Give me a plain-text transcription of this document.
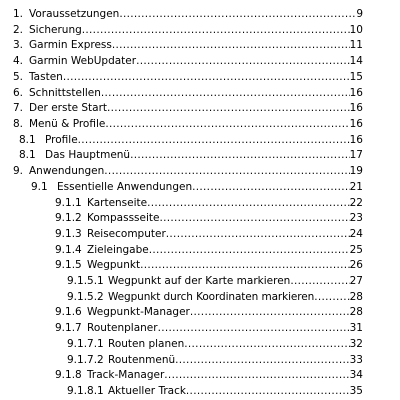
1. Voraussetzungen .....	9
2. Sicherung .....	10
3. Garmin Express .....	11
4. Garmin WebUpdater .....	14
5. Tasten .....	15
6. Schnittstellen .....	16
7. Der erste Start .....	16
8. Menü & Profile .....	16
8.1 Profile .....	16
8.1 Das Hauptmenü .....	17
9. Anwendungen .....	19
9.1 Essentielle Anwendungen .....	21
9.1.1 Kartenseite .....	22
9.1.2 Kompassseite .....	23
9.1.3 Reisecomputer .....	24
9.1.4 Zieleingabe .....	25
9.1.5 Wegpunkt .....	26
9.1.5.1 Wegpunkt auf der Karte markieren .....	27
9.1.5.2 Wegpunkt durch Koordinaten markieren .....	28
9.1.6 Wegpunkt-Manager .....	28
9.1.7 Routenplaner .....	31
9.1.7.1 Routen planen .....	32
9.1.7.2 Routenmenü .....	33
9.1.8 Track-Manager .....	34
9.1.8.1 Aktueller Track .....	35
